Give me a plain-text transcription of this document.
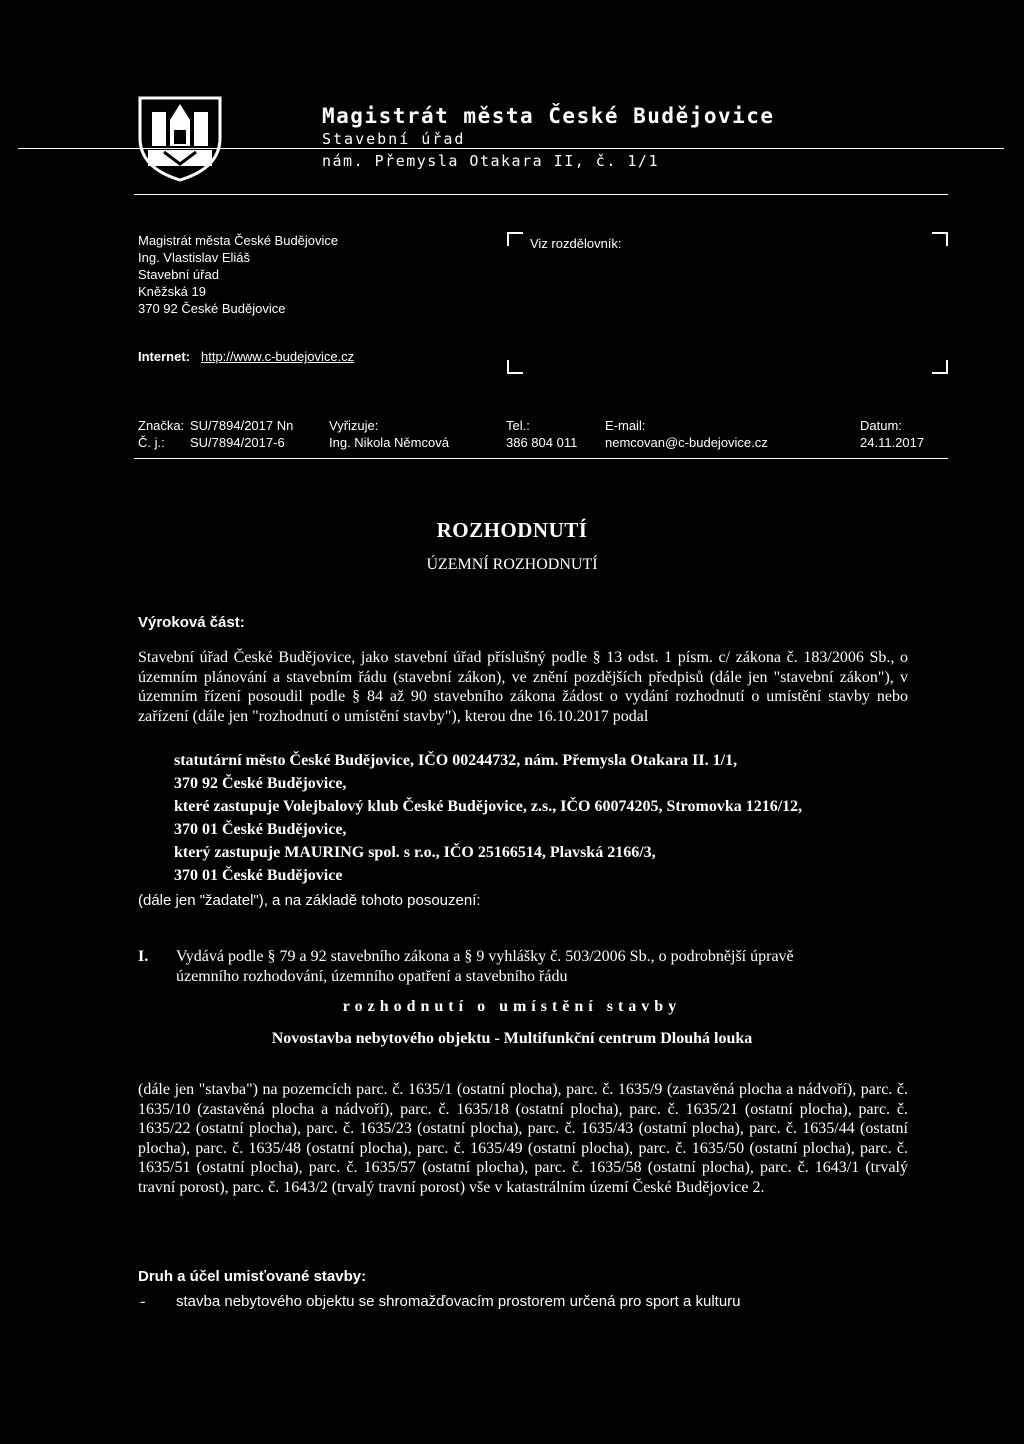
Magistrát města České Budějovice
Stavební úřad
nám. Přemysla Otakara II, č. 1/1
Magistrát města České Budějovice
Ing. Vlastislav Eliáš
Stavební úřad
Kněžská 19
370 92 České Budějovice
Internet: http://www.c-budejovice.cz
Viz rozdělovník:
Značka: SU/7894/2017 Nn
Č. j.: SU/7894/2017-6
Vyřizuje:
Ing. Nikola Němcová
Tel.:
386 804 011
E-mail:
nemcovan@c-budejovice.cz
Datum:
24.11.2017
ROZHODNUTÍ
ÚZEMNÍ ROZHODNUTÍ
Výroková část:
Stavební úřad České Budějovice, jako stavební úřad příslušný podle § 13 odst. 1 písm. c/ zákona č. 183/2006 Sb., o územním plánování a stavebním řádu (stavební zákon), ve znění pozdějších předpisů (dále jen "stavební zákon"), v územním řízení posoudil podle § 84 až 90 stavebního zákona žádost o vydání rozhodnutí o umístění stavby nebo zařízení (dále jen "rozhodnutí o umístění stavby"), kterou dne 16.10.2017 podal
statutární město České Budějovice, IČO 00244732, nám. Přemysla Otakara II. 1/1,
370 92 České Budějovice,
které zastupuje Volejbalový klub České Budějovice, z.s., IČO 60074205, Stromovka 1216/12,
370 01 České Budějovice,
který zastupuje MAURING spol. s r.o., IČO 25166514, Plavská 2166/3,
370 01 České Budějovice
(dále jen "žadatel"), a na základě tohoto posouzení:
I. Vydává podle § 79 a 92 stavebního zákona a § 9 vyhlášky č. 503/2006 Sb., o podrobnější úpravě
územního rozhodování, územního opatření a stavebního řádu
rozhodnutí o umístění stavby
Novostavba nebytového objektu - Multifunkční centrum Dlouhá louka
(dále jen "stavba") na pozemcích parc. č. 1635/1 (ostatní plocha), parc. č. 1635/9 (zastavěná plocha a nádvoří), parc. č. 1635/10 (zastavěná plocha a nádvoří), parc. č. 1635/18 (ostatní plocha), parc. č. 1635/21 (ostatní plocha), parc. č. 1635/22 (ostatní plocha), parc. č. 1635/23 (ostatní plocha), parc. č. 1635/43 (ostatní plocha), parc. č. 1635/44 (ostatní plocha), parc. č. 1635/48 (ostatní plocha), parc. č. 1635/49 (ostatní plocha), parc. č. 1635/50 (ostatní plocha), parc. č. 1635/51 (ostatní plocha), parc. č. 1635/57 (ostatní plocha), parc. č. 1635/58 (ostatní plocha), parc. č. 1643/1 (trvalý travní porost), parc. č. 1643/2 (trvalý travní porost) vše v katastrálním území České Budějovice 2.
Druh a účel umisťované stavby:
- stavba nebytového objektu se shromažďovacím prostorem určená pro sport a kulturu
